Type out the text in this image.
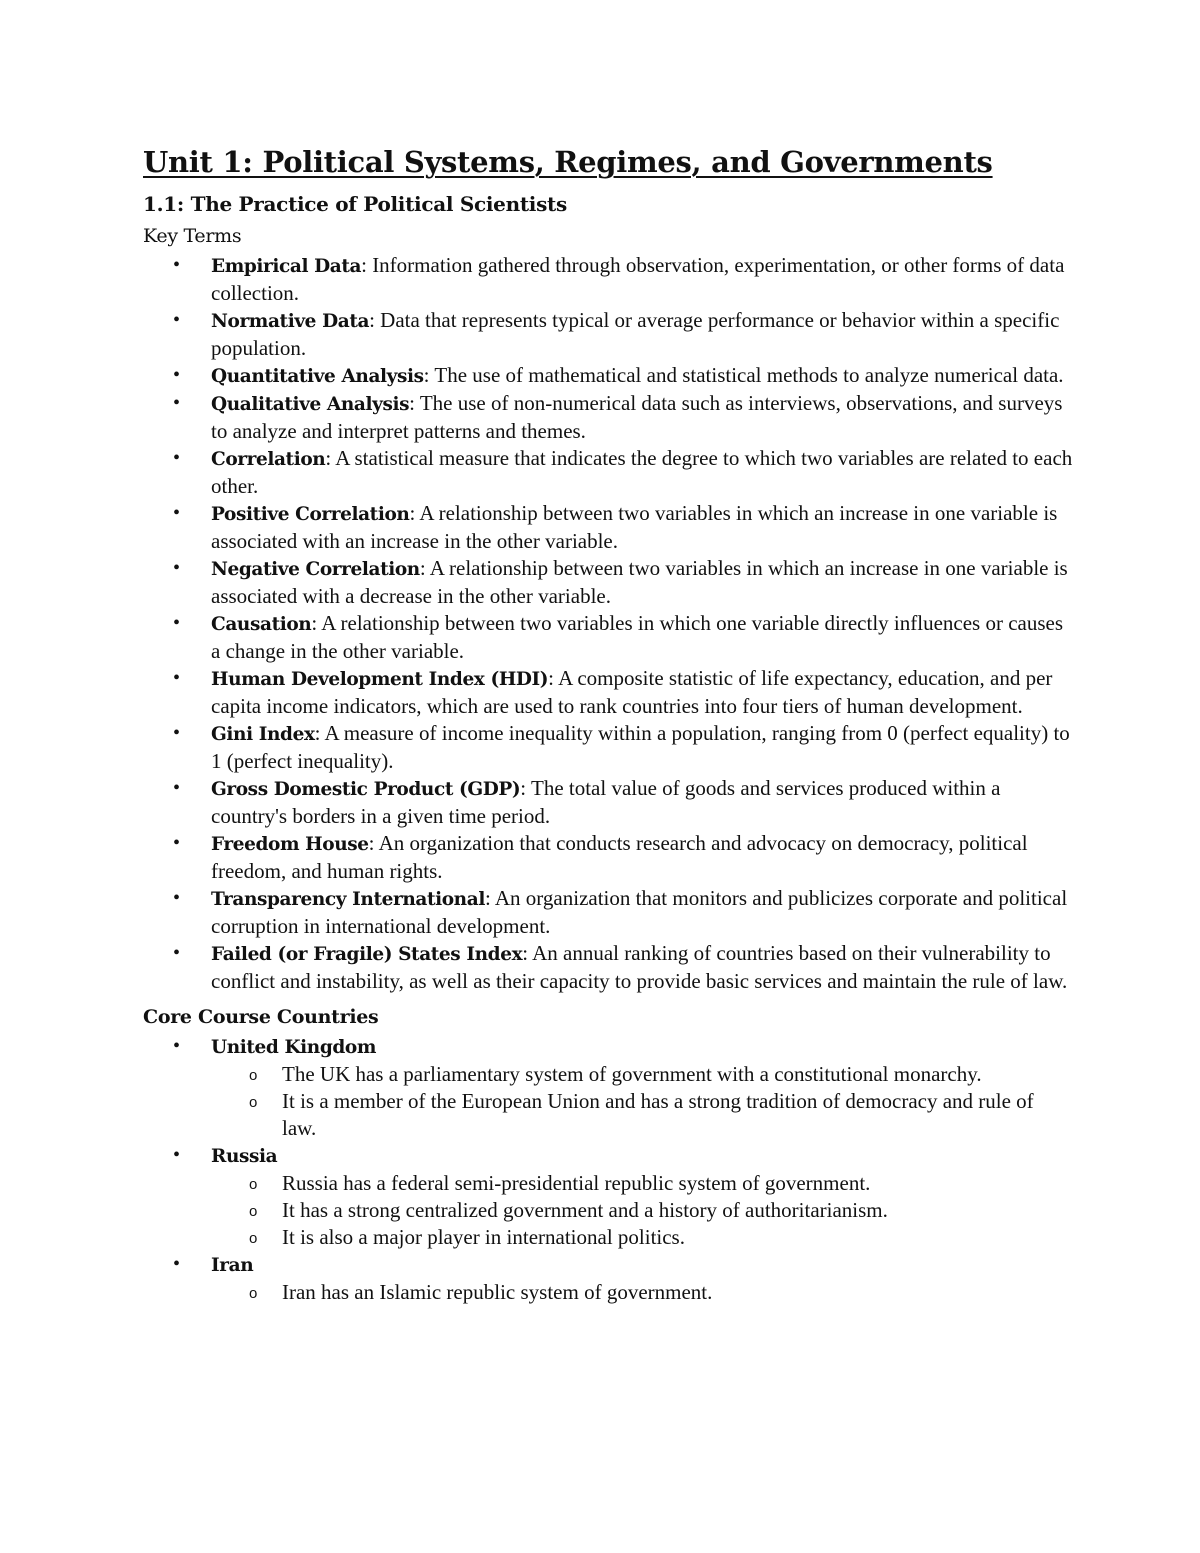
Unit 1: Political Systems, Regimes, and Governments
1.1: The Practice of Political Scientists
Key Terms
• Empirical Data: Information gathered through observation, experimentation, or other forms of data collection.
• Normative Data: Data that represents typical or average performance or behavior within a specific population.
• Quantitative Analysis: The use of mathematical and statistical methods to analyze numerical data.
• Qualitative Analysis: The use of non-numerical data such as interviews, observations, and surveys to analyze and interpret patterns and themes.
• Correlation: A statistical measure that indicates the degree to which two variables are related to each other.
• Positive Correlation: A relationship between two variables in which an increase in one variable is associated with an increase in the other variable.
• Negative Correlation: A relationship between two variables in which an increase in one variable is associated with a decrease in the other variable.
• Causation: A relationship between two variables in which one variable directly influences or causes a change in the other variable.
• Human Development Index (HDI): A composite statistic of life expectancy, education, and per capita income indicators, which are used to rank countries into four tiers of human development.
• Gini Index: A measure of income inequality within a population, ranging from 0 (perfect equality) to 1 (perfect inequality).
• Gross Domestic Product (GDP): The total value of goods and services produced within a country's borders in a given time period.
• Freedom House: An organization that conducts research and advocacy on democracy, political freedom, and human rights.
• Transparency International: An organization that monitors and publicizes corporate and political corruption in international development.
• Failed (or Fragile) States Index: An annual ranking of countries based on their vulnerability to conflict and instability, as well as their capacity to provide basic services and maintain the rule of law.
Core Course Countries
• United Kingdom
o The UK has a parliamentary system of government with a constitutional monarchy.
o It is a member of the European Union and has a strong tradition of democracy and rule of law.
• Russia
o Russia has a federal semi-presidential republic system of government.
o It has a strong centralized government and a history of authoritarianism.
o It is also a major player in international politics.
• Iran
o Iran has an Islamic republic system of government.
